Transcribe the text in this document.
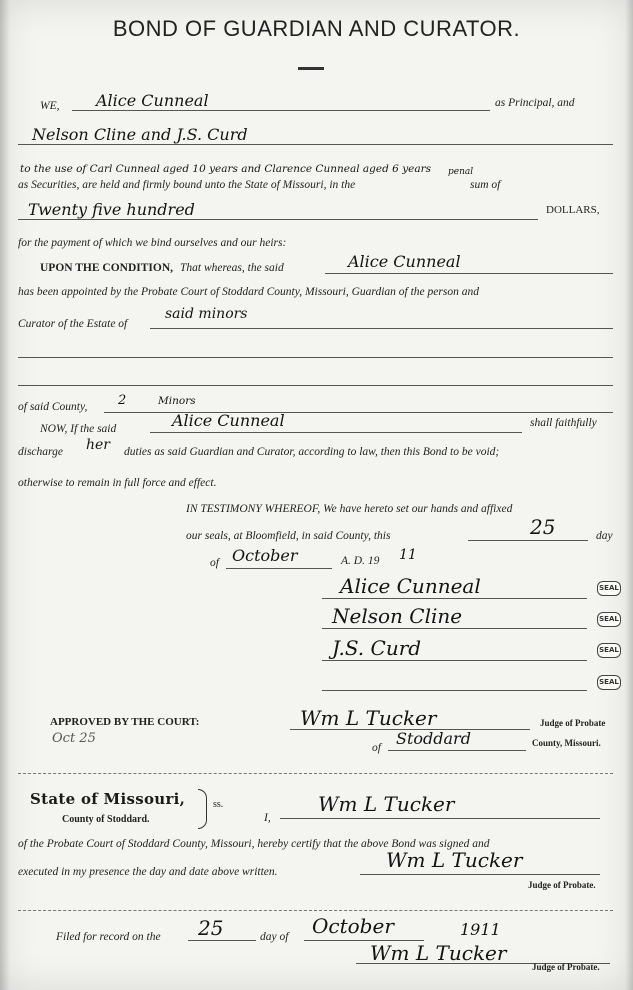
BOND OF GUARDIAN AND CURATOR.
WE, Alice Cunneal	as Principal, and
Nelson Cline and J.S. Curd
to the use of Carl Cunneal aged 10 years and Clarence Cunneal aged 6 years
as Securities, are held and firmly bound unto the State of Missouri, in the
penal
sum of
Twenty five hundred	DOLLARS,
for the payment of which we bind ourselves and our heirs:
UPON THE CONDITION, That whereas, the said	Alice Cunneal
has been appointed by the Probate Court of Stoddard County, Missouri, Guardian of the person and
Curator of the Estate of
said minors
of said County, 2	Minors
NOW, If the said	Alice Cunneal	shall faithfully
discharge her duties as said Guardian and Curator, according to law, then this Bond to be void;
otherwise to remain in full force and effect.
IN TESTIMONY WHEREOF, We have hereto set our hands and affixed
our seals, at Bloomfield, in said County, this	25	day
of October	A. D. 19 11
Alice Cunneal	SEAL
Nelson Cline	SEAL
J.S. Curd	SEAL
SEAL
APPROVED BY THE COURT:
Oct 25
Wm L Tucker	Judge of Probate
of Stoddard	County, Missouri.
State of Missouri,
County of Stoddard.
ss.
I,
Wm L Tucker
of the Probate Court of Stoddard County, Missouri, hereby certify that the above Bond was signed and
executed in my presence the day and date above written.	Wm L Tucker
Judge of Probate.
Filed for record on the 25	day of October	1911
Wm L Tucker
Judge of Probate.
